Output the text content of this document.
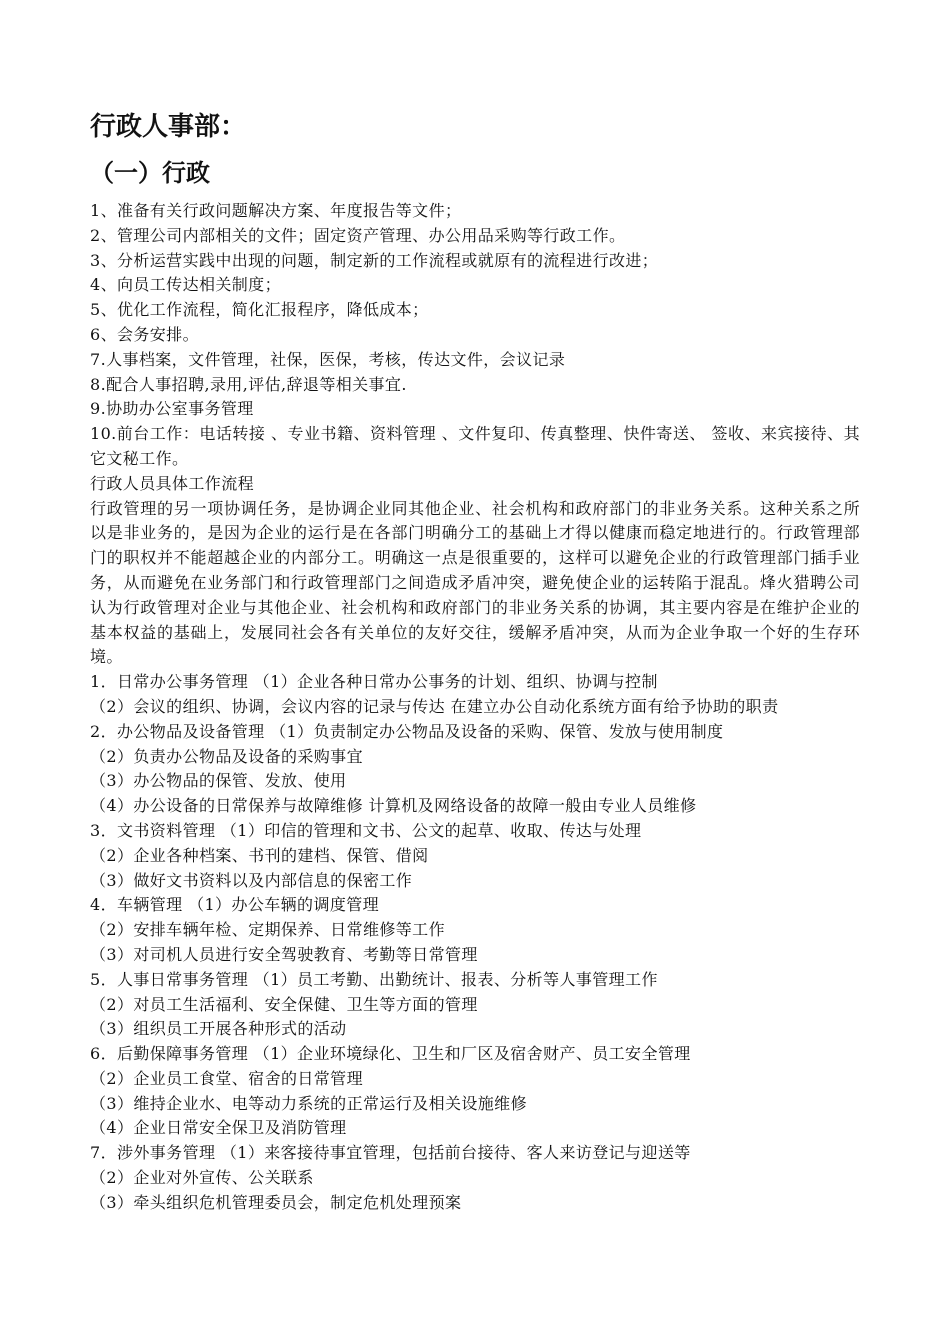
行政人事部：
（一）行政
1、准备有关行政问题解决方案、年度报告等文件；
2、管理公司内部相关的文件；固定资产管理、办公用品采购等行政工作。
3、分析运营实践中出现的问题，制定新的工作流程或就原有的流程进行改进；
4、向员工传达相关制度；
5、优化工作流程，简化汇报程序，降低成本；
6、会务安排。
7.人事档案，文件管理，社保，医保，考核，传达文件，会议记录
8.配合人事招聘,录用,评估,辞退等相关事宜.
9.协助办公室事务管理
10.前台工作：电话转接 、专业书籍、资料管理 、文件复印、传真整理、快件寄送、 签收、来宾接待、其它文秘工作。
行政人员具体工作流程

行政管理的另一项协调任务，是协调企业同其他企业、社会机构和政府部门的非业务关系。这种关系之所以是非业务的，是因为企业的运行是在各部门明确分工的基础上才得以健康而稳定地进行的。行政管理部门的职权并不能超越企业的内部分工。明确这一点是很重要的，这样可以避免企业的行政管理部门插手业务，从而避免在业务部门和行政管理部门之间造成矛盾冲突，避免使企业的运转陷于混乱。烽火猎聘公司认为行政管理对企业与其他企业、社会机构和政府部门的非业务关系的协调，其主要内容是在维护企业的基本权益的基础上，发展同社会各有关单位的友好交往，缓解矛盾冲突，从而为企业争取一个好的生存环境。

1．日常办公事务管理 （1）企业各种日常办公事务的计划、组织、协调与控制
（2）会议的组织、协调，会议内容的记录与传达 在建立办公自动化系统方面有给予协助的职责
2．办公物品及设备管理 （1）负责制定办公物品及设备的采购、保管、发放与使用制度
（2）负责办公物品及设备的采购事宜
（3）办公物品的保管、发放、使用
（4）办公设备的日常保养与故障维修 计算机及网络设备的故障一般由专业人员维修
3．文书资料管理 （1）印信的管理和文书、公文的起草、收取、传达与处理
（2）企业各种档案、书刊的建档、保管、借阅
（3）做好文书资料以及内部信息的保密工作
4．车辆管理 （1）办公车辆的调度管理
（2）安排车辆年检、定期保养、日常维修等工作
（3）对司机人员进行安全驾驶教育、考勤等日常管理
5．人事日常事务管理 （1）员工考勤、出勤统计、报表、分析等人事管理工作
（2）对员工生活福利、安全保健、卫生等方面的管理
（3）组织员工开展各种形式的活动
6．后勤保障事务管理 （1）企业环境绿化、卫生和厂区及宿舍财产、员工安全管理
（2）企业员工食堂、宿舍的日常管理
（3）维持企业水、电等动力系统的正常运行及相关设施维修
（4）企业日常安全保卫及消防管理
7．涉外事务管理 （1）来客接待事宜管理，包括前台接待、客人来访登记与迎送等
（2）企业对外宣传、公关联系
（3）牵头组织危机管理委员会，制定危机处理预案
